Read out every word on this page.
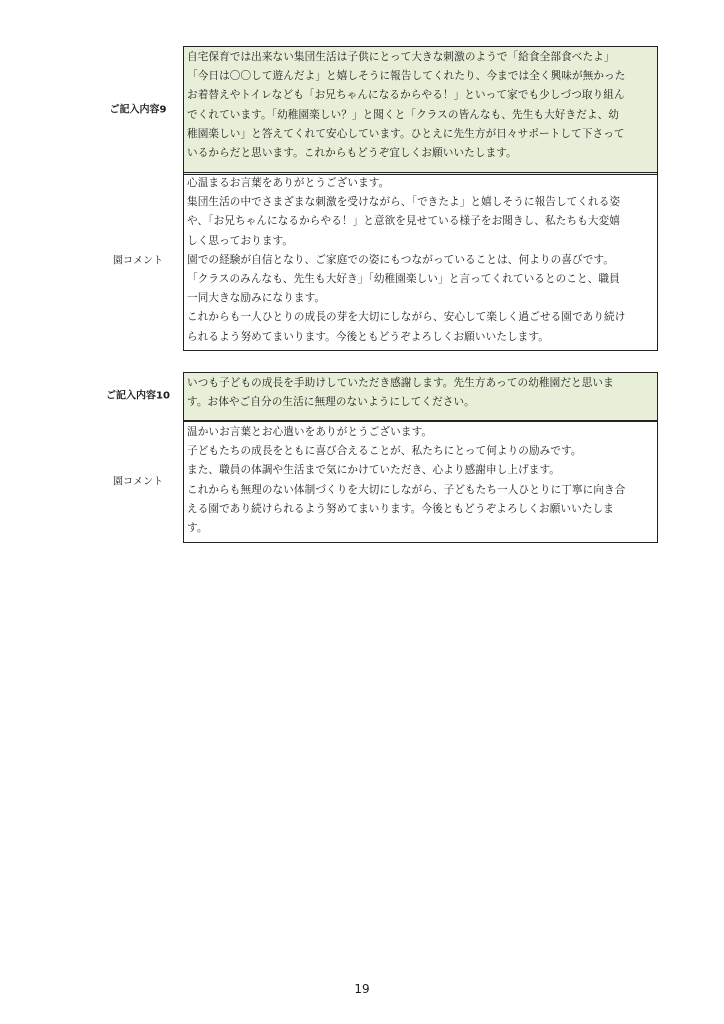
ご記入内容9
自宅保育では出来ない集団生活は子供にとって大きな刺激のようで「給食全部食べたよ」
「今日は〇〇して遊んだよ」と嬉しそうに報告してくれたり、今までは全く興味が無かった
お着替えやトイレなども「お兄ちゃんになるからやる！」といって家でも少しづつ取り組ん
でくれています。「幼稚園楽しい？」と聞くと「クラスの皆んなも、先生も大好きだよ、幼
稚園楽しい」と答えてくれて安心しています。ひとえに先生方が日々サポートして下さって
いるからだと思います。これからもどうぞ宜しくお願いいたします。
園コメント
心温まるお言葉をありがとうございます。
集団生活の中でさまざまな刺激を受けながら、「できたよ」と嬉しそうに報告してくれる姿
や、「お兄ちゃんになるからやる！」と意欲を見せている様子をお聞きし、私たちも大変嬉
しく思っております。
園での経験が自信となり、ご家庭での姿にもつながっていることは、何よりの喜びです。
「クラスのみんなも、先生も大好き」「幼稚園楽しい」と言ってくれているとのこと、職員
一同大きな励みになります。
これからも一人ひとりの成長の芽を大切にしながら、安心して楽しく過ごせる園であり続け
られるよう努めてまいります。今後ともどうぞよろしくお願いいたします。
ご記入内容10
いつも子どもの成長を手助けしていただき感謝します。先生方あっての幼稚園だと思いま
す。お体やご自分の生活に無理のないようにしてください。
園コメント
温かいお言葉とお心遣いをありがとうございます。
子どもたちの成長をともに喜び合えることが、私たちにとって何よりの励みです。
また、職員の体調や生活まで気にかけていただき、心より感謝申し上げます。
これからも無理のない体制づくりを大切にしながら、子どもたち一人ひとりに丁寧に向き合
える園であり続けられるよう努めてまいります。今後ともどうぞよろしくお願いいたしま
す。
19
